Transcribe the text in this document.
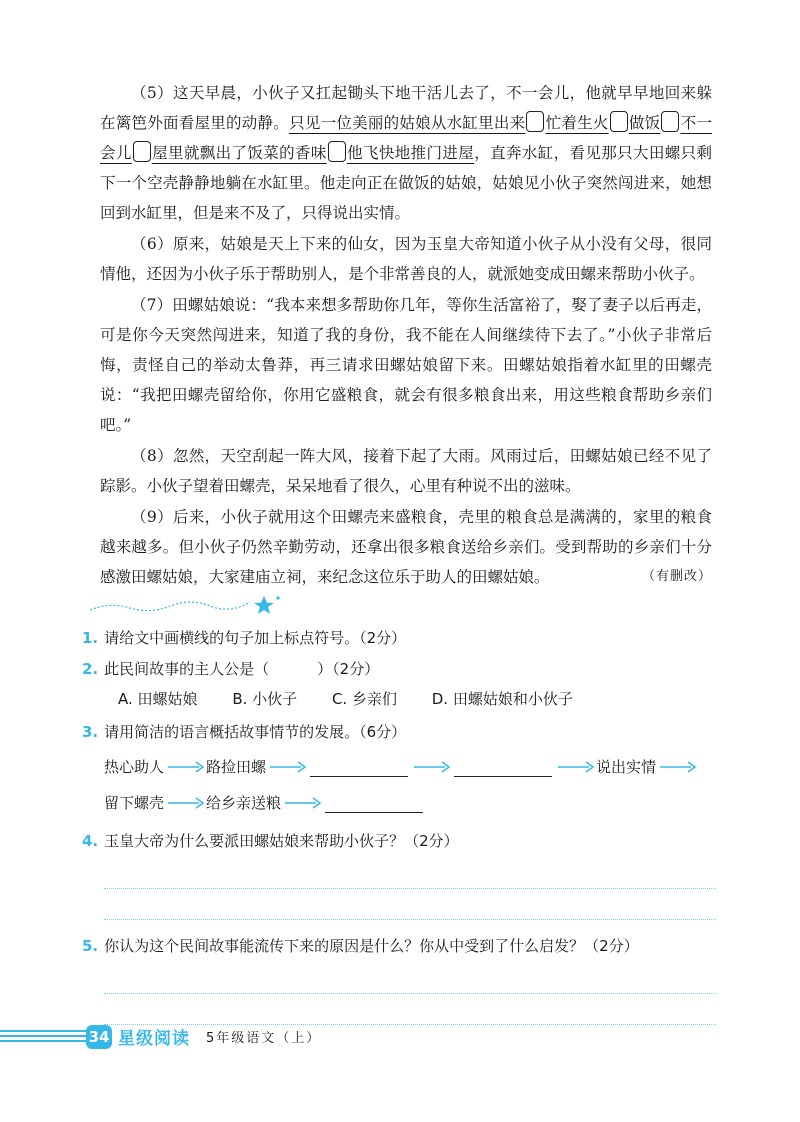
（5）这天早晨，小伙子又扛起锄头下地干活儿去了，不一会儿，他就早早地回来躲在篱笆外面看屋里的动静。只见一位美丽的姑娘从水缸里出来 忙着生火 做饭 不一会儿 屋里就飘出了饭菜的香味 他飞快地推门进屋，直奔水缸，看见那只大田螺只剩下一个空壳静静地躺在水缸里。他走向正在做饭的姑娘，姑娘见小伙子突然闯进来，她想回到水缸里，但是来不及了，只得说出实情。

（6）原来，姑娘是天上下来的仙女，因为玉皇大帝知道小伙子从小没有父母，很同情他，还因为小伙子乐于帮助别人，是个非常善良的人，就派她变成田螺来帮助小伙子。

（7）田螺姑娘说：“我本来想多帮助你几年，等你生活富裕了，娶了妻子以后再走，可是你今天突然闯进来，知道了我的身份，我不能在人间继续待下去了。”小伙子非常后悔，责怪自己的举动太鲁莽，再三请求田螺姑娘留下来。田螺姑娘指着水缸里的田螺壳说：“我把田螺壳留给你，你用它盛粮食，就会有很多粮食出来，用这些粮食帮助乡亲们吧。”

（8）忽然，天空刮起一阵大风，接着下起了大雨。风雨过后，田螺姑娘已经不见了踪影。小伙子望着田螺壳，呆呆地看了很久，心里有种说不出的滋味。

（9）后来，小伙子就用这个田螺壳来盛粮食，壳里的粮食总是满满的，家里的粮食越来越多。但小伙子仍然辛勤劳动，还拿出很多粮食送给乡亲们。受到帮助的乡亲们十分感激田螺姑娘，大家建庙立祠，来纪念这位乐于助人的田螺姑娘。	（有删改）

1. 请给文中画横线的句子加上标点符号。（2分）
2. 此民间故事的主人公是（	）（2分）
A. 田螺姑娘 B. 小伙子 C. 乡亲们 D. 田螺姑娘和小伙子
3. 请用简洁的语言概括故事情节的发展。（6分）
热心助人	路捡田螺	说出实情
留下螺壳	给乡亲送粮
4. 玉皇大帝为什么要派田螺姑娘来帮助小伙子？（2分）
5. 你认为这个民间故事能流传下来的原因是什么？你从中受到了什么启发？（2分）
34 星级阅读 5年级语文（上）
